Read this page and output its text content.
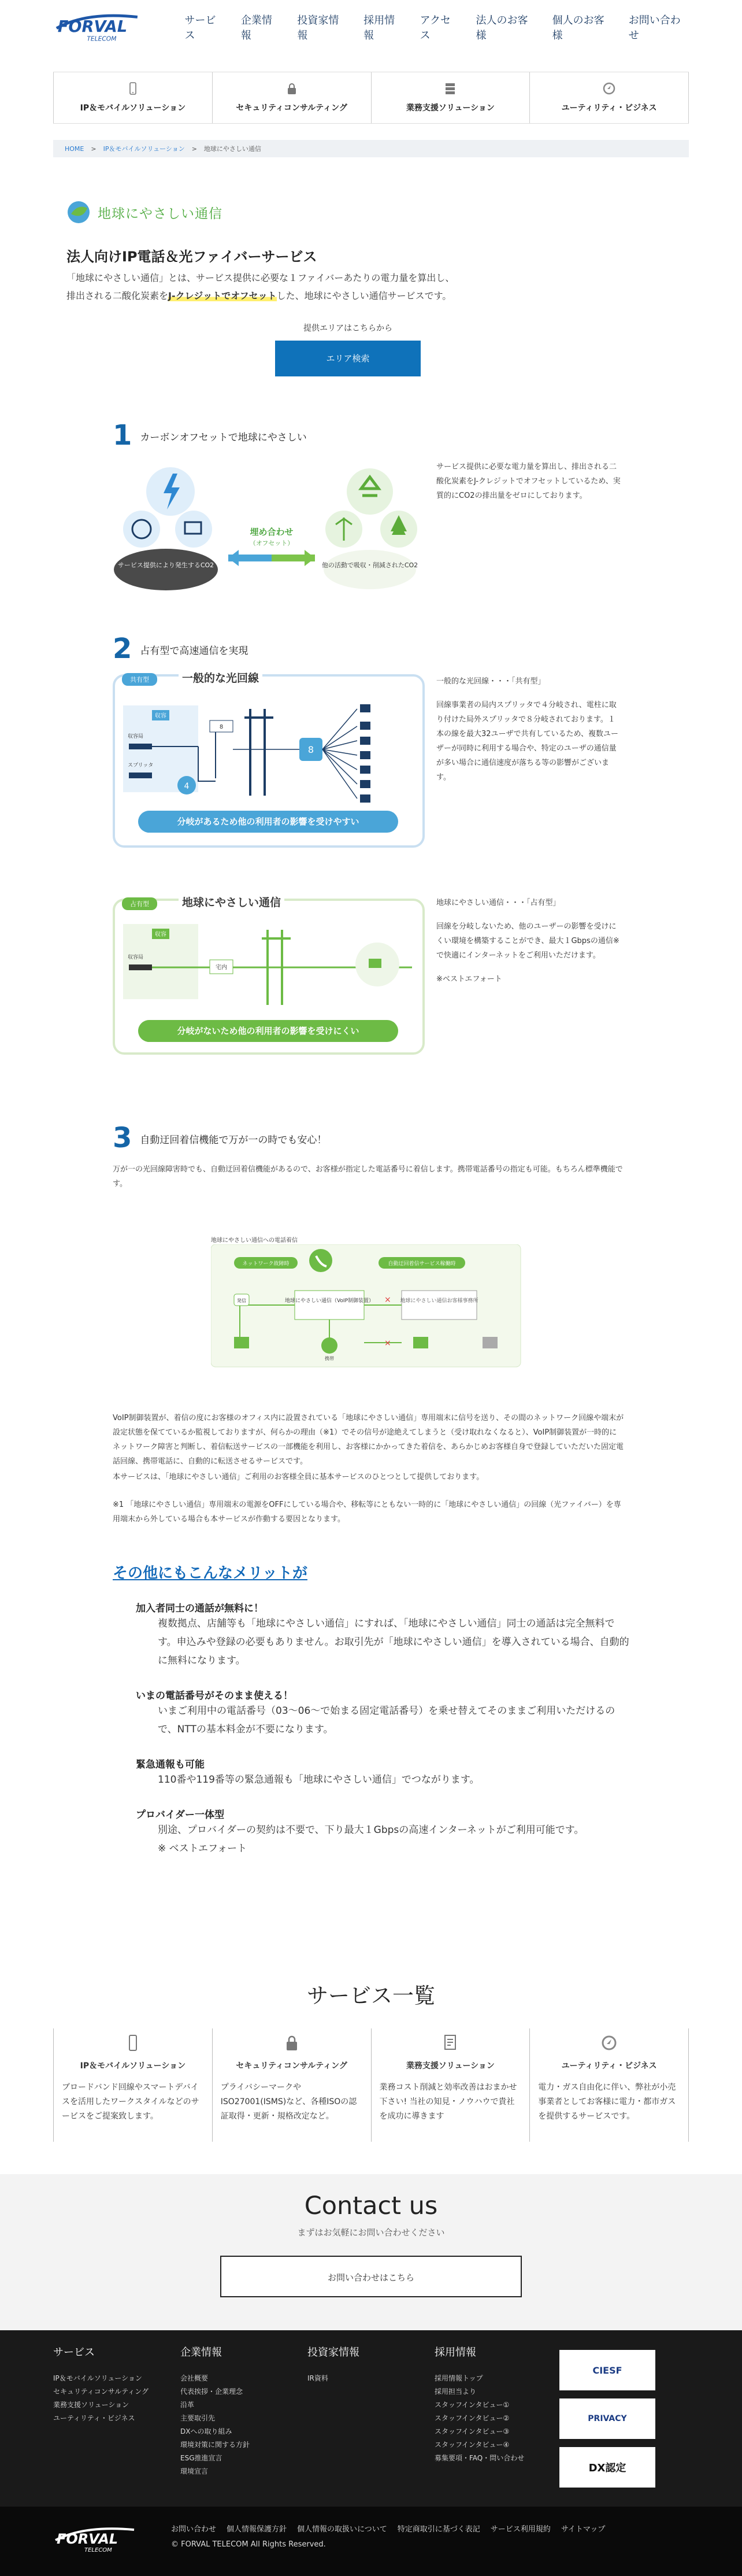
FORVAL
TELECOM
サービス
企業情報
投資家情報
採用情報
アクセス
法人のお客様
個人のお客様
お問い合わせ
IP＆モバイルソリューション	セキュリティコンサルティング	業務支援ソリューション	ユーティリティ・ビジネス
HOME > IP＆モバイルソリューション > 地球にやさしい通信
地球にやさしい通信
法人向けIP電話＆光ファイバーサービス

「地球にやさしい通信」とは、サービス提供に必要な１ファイバーあたりの電力量を算出し、
排出される二酸化炭素をJ-クレジットでオフセットした、地球にやさしい通信サービスです。

提供エリアはこちらから
エリア検索
1 カーボンオフセットで地球にやさしい
サービス提供により発生するCO2
埋め合わせ
（オフセット）
他の活動で吸収・削減されたCO2

サービス提供に必要な電力量を算出し、排出される二酸化炭素をJ-クレジットでオフセットしているため、実質的にCO2の排出量をゼロにしております。

2 占有型で高速通信を実現
共有型	一般的な光回線
収容
収容局
スプリッタ
4
8
8
分岐があるため他の利用者の影響を受けやすい

一般的な光回線・・・「共有型」

回線事業者の局内スプリッタで４分岐され、電柱に取り付けた局外スプリッタで８分岐されております。１本の線を最大32ユーザで共有しているため、複数ユーザーが同時に利用する場合や、特定のユーザの通信量が多い場合に通信速度が落ちる等の影響がございます。

占有型	地球にやさしい通信
収容
収容局
宅内
分岐がないため他の利用者の影響を受けにくい

地球にやさしい通信・・・「占有型」

回線を分岐しないため、他のユーザーの影響を受けにくい環境を構築することができ、最大１Gbpsの通信※で快適にインターネットをご利用いただけます。

※ベストエフォート

3 自動迂回着信機能で万が一の時でも安心！

万が一の光回線障害時でも、自動迂回着信機能があるので、お客様が指定した電話番号に着信します。携帯電話番号の指定も可能。もちろん標準機能です。

地球にやさしい通信への電話着信
ネットワーク故障時	自動迂回着信サービス稼働時
地球にやさしい通信（VoIP制御装置）	地球にやさしい通信お客様事務所
発信
携帯
×
×

VoIP制御装置が、着信の度にお客様のオフィス内に設置されている「地球にやさしい通信」専用端末に信号を送り、その間のネットワーク回線や端末が設定状態を保てているか監視しておりますが、何らかの理由（※1）でその信号が途絶えてしまうと（受け取れなくなると）、VoIP制御装置が一時的にネットワーク障害と判断し、着信転送サービスの一部機能を利用し、お客様にかかってきた着信を、あらかじめお客様自身で登録していただいた固定電話回線、携帯電話に、自動的に転送させるサービスです。

本サービスは、「地球にやさしい通信」ご利用のお客様全員に基本サービスのひとつとして提供しております。

※1 「地球にやさしい通信」専用端末の電源をOFFにしている場合や、移転等にともない一時的に「地球にやさしい通信」の回線（光ファイバー）を専用端末から外している場合も本サービスが作動する要因となります。

その他にもこんなメリットが
加入者同士の通話が無料に！

複数拠点、店舗等も「地球にやさしい通信」にすれば、「地球にやさしい通信」同士の通話は完全無料です。申込みや登録の必要もありません。お取引先が「地球にやさしい通信」を導入されている場合、自動的に無料になります。

いまの電話番号がそのまま使える！

いまご利用中の電話番号（03〜06〜で始まる固定電話番号）を乗せ替えてそのままご利用いただけるので、NTTの基本料金が不要になります。

緊急通報も可能

110番や119番等の緊急通報も「地球にやさしい通信」でつながります。

プロバイダー一体型

別途、プロバイダーの契約は不要で、下り最大１Gbpsの高速インターネットがご利用可能です。

※ ベストエフォート

サービス一覧
IP＆モバイルソリューション
ブロードバンド回線やスマートデバイスを活用したワークスタイルなどのサービスをご提案致します。
セキュリティコンサルティング
プライバシーマークやISO27001(ISMS)など、各種ISOの認証取得・更新・規格改定など。
業務支援ソリューション
業務コスト削減と効率改善はおまかせ下さい! 当社の知見・ノウハウで貴社を成功に導きます
ユーティリティ・ビジネス
電力・ガス自由化に伴い、弊社が小売事業者としてお客様に電力・都市ガスを提供するサービスです。
Contact us
まずはお気軽にお問い合わせください
お問い合わせはこちら
サービス
IP＆モバイルソリューション
セキュリティコンサルティング
業務支援ソリューション
ユーティリティ・ビジネス
企業情報
会社概要
代表挨拶・企業理念
沿革
主要取引先
DXへの取り組み
環境対策に関する方針
ESG推進宣言
環境宣言
投資家情報
IR資料
採用情報
採用情報トップ
採用担当より
スタッフインタビュー①
スタッフインタビュー②
スタッフインタビュー③
スタッフインタビュー④
募集要項・FAQ・問い合わせ
CIESF
PRIVACY
DX認定
FORVAL
TELECOM
お問い合わせ 個人情報保護方針 個人情報の取扱いについて 特定商取引に基づく表記 サービス利用規約 サイトマップ
© FORVAL TELECOM All Rights Reserved.
